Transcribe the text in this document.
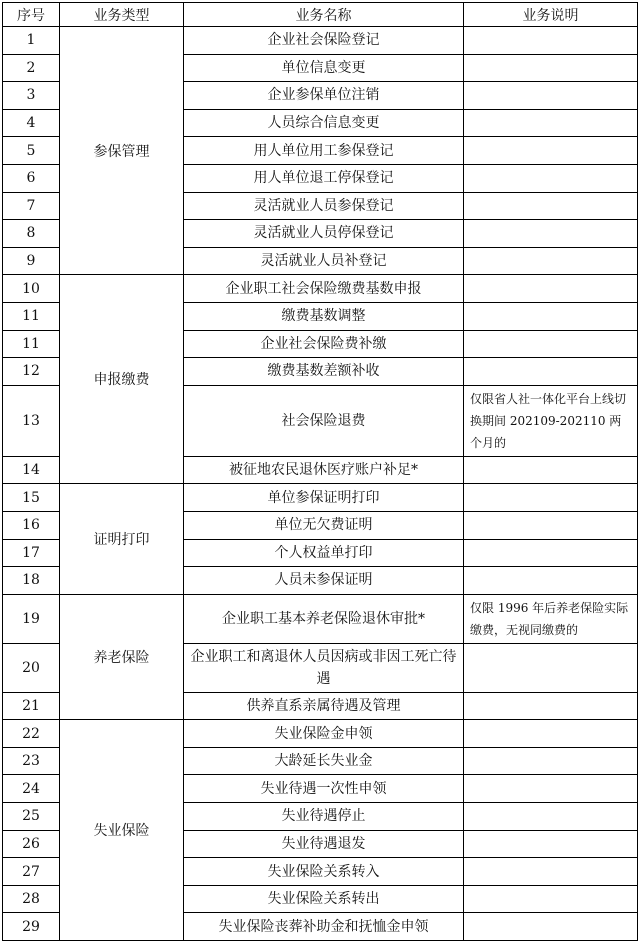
序号	业务类型	业务名称	业务说明
1	参保管理	企业社会保险登记	
2		单位信息变更	
3		企业参保单位注销	
4		人员综合信息变更	
5		用人单位用工参保登记	
6		用人单位退工停保登记	
7		灵活就业人员参保登记	
8		灵活就业人员停保登记	
9		灵活就业人员补登记	
10	申报缴费	企业职工社会保险缴费基数申报	
11		缴费基数调整	
11		企业社会保险费补缴	
12		缴费基数差额补收	
13		社会保险退费	仅限省人社一体化平台上线切换期间 202109-202110 两个月的
14		被征地农民退休医疗账户补足*	
15	证明打印	单位参保证明打印	
16		单位无欠费证明	
17		个人权益单打印	
18		人员未参保证明	
19	养老保险	企业职工基本养老保险退休审批*	仅限 1996 年后养老保险实际缴费，无视同缴费的
20		企业职工和离退休人员因病或非因工死亡待遇	
21		供养直系亲属待遇及管理	
22	失业保险	失业保险金申领	
23		大龄延长失业金	
24		失业待遇一次性申领	
25		失业待遇停止	
26		失业待遇退发	
27		失业保险关系转入	
28		失业保险关系转出	
29		失业保险丧葬补助金和抚恤金申领	
